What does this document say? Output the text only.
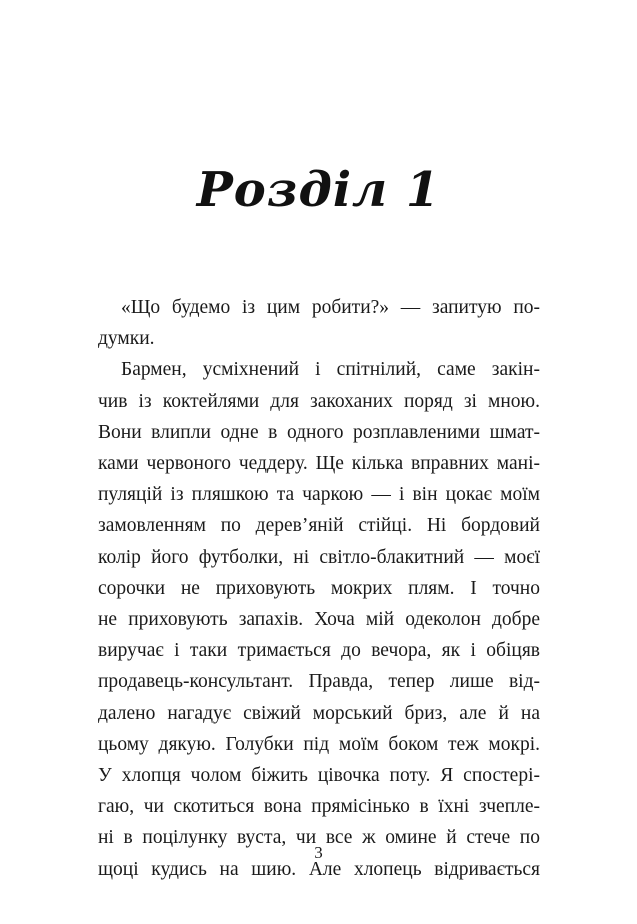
Розділ 1
«Що будемо із цим робити?» — запитую по-
думки.
Бармен, усміхнений і спітнілий, саме закін-
чив із коктейлями для закоханих поряд зі мною.
Вони влипли одне в одного розплавленими шмат-
ками червоного чеддеру. Ще кілька вправних мані-
пуляцій із пляшкою та чаркою — і він цокає моїм
замовленням по дерев’яній стійці. Ні бордовий
колір його футболки, ні світло-блакитний — моєї
сорочки не приховують мокрих плям. І точно
не приховують запахів. Хоча мій одеколон добре
виручає і таки тримається до вечора, як і обіцяв
продавець-консультант. Правда, тепер лише від-
далено нагадує свіжий морський бриз, але й на
цьому дякую. Голубки під моїм боком теж мокрі.
У хлопця чолом біжить цівочка поту. Я спостері-
гаю, чи скотиться вона прямісінько в їхні зчепле-
ні в поцілунку вуста, чи все ж омине й стече по
щоці кудись на шию. Але хлопець відривається
3
